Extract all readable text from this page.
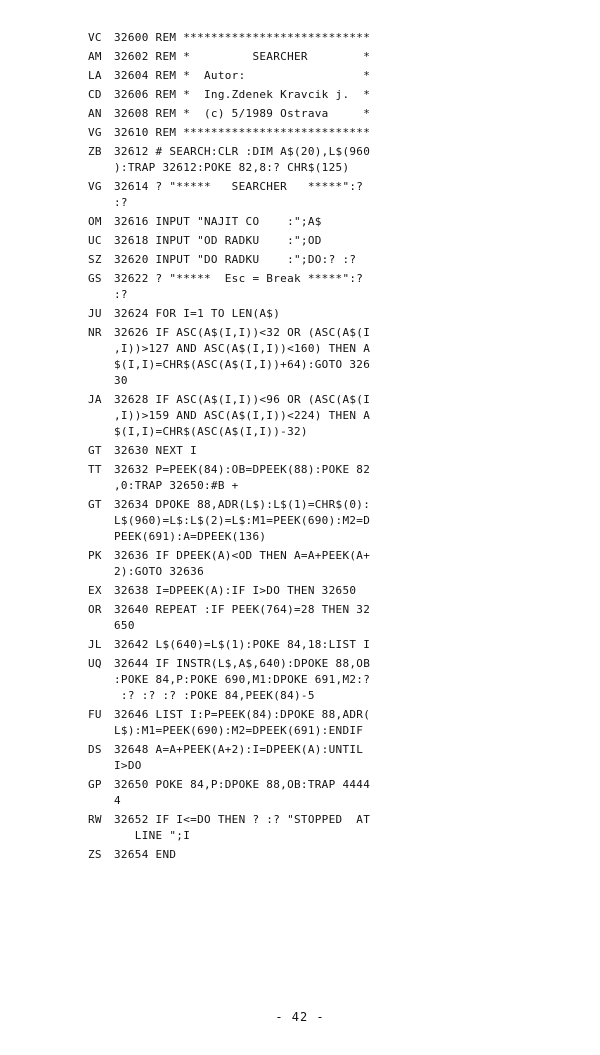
VC	32600 REM ***************************
AM	32602 REM *         SEARCHER        *
LA	32604 REM *  Autor:                 *
CD	32606 REM *  Ing.Zdenek Kravcik j.  *
AN	32608 REM *  (c) 5/1989 Ostrava     *
VG	32610 REM ***************************
ZB	32612 # SEARCH:CLR :DIM A$(20),L$(960
):TRAP 32612:POKE 82,8:? CHR$(125)
VG	32614 ? "*****   SEARCHER   *****":?
:?
OM	32616 INPUT "NAJIT CO    :";A$
UC	32618 INPUT "OD RADKU    :";OD
SZ	32620 INPUT "DO RADKU    :";DO:? :?
GS	32622 ? "*****  Esc = Break *****":?
:?
JU	32624 FOR I=1 TO LEN(A$)
NR	32626 IF ASC(A$(I,I))<32 OR (ASC(A$(I
,I))>127 AND ASC(A$(I,I))<160) THEN A
$(I,I)=CHR$(ASC(A$(I,I))+64):GOTO 326
30
JA	32628 IF ASC(A$(I,I))<96 OR (ASC(A$(I
,I))>159 AND ASC(A$(I,I))<224) THEN A
$(I,I)=CHR$(ASC(A$(I,I))-32)
GT	32630 NEXT I
TT	32632 P=PEEK(84):OB=DPEEK(88):POKE 82
,0:TRAP 32650:#B +
GT	32634 DPOKE 88,ADR(L$):L$(1)=CHR$(0):
L$(960)=L$:L$(2)=L$:M1=PEEK(690):M2=D
PEEK(691):A=DPEEK(136)
PK	32636 IF DPEEK(A)<OD THEN A=A+PEEK(A+
2):GOTO 32636
EX	32638 I=DPEEK(A):IF I>DO THEN 32650
OR	32640 REPEAT :IF PEEK(764)=28 THEN 32
650
JL	32642 L$(640)=L$(1):POKE 84,18:LIST I
UQ	32644 IF INSTR(L$,A$,640):DPOKE 88,OB
:POKE 84,P:POKE 690,M1:DPOKE 691,M2:?
:? :? :? :POKE 84,PEEK(84)-5
FU	32646 LIST I:P=PEEK(84):DPOKE 88,ADR(
L$):M1=PEEK(690):M2=DPEEK(691):ENDIF
DS	32648 A=A+PEEK(A+2):I=DPEEK(A):UNTIL
I>DO
GP	32650 POKE 84,P:DPOKE 88,OB:TRAP 4444
4
RW	32652 IF I<=DO THEN ? :? "STOPPED  AT
LINE ";I
ZS	32654 END
- 42 -
